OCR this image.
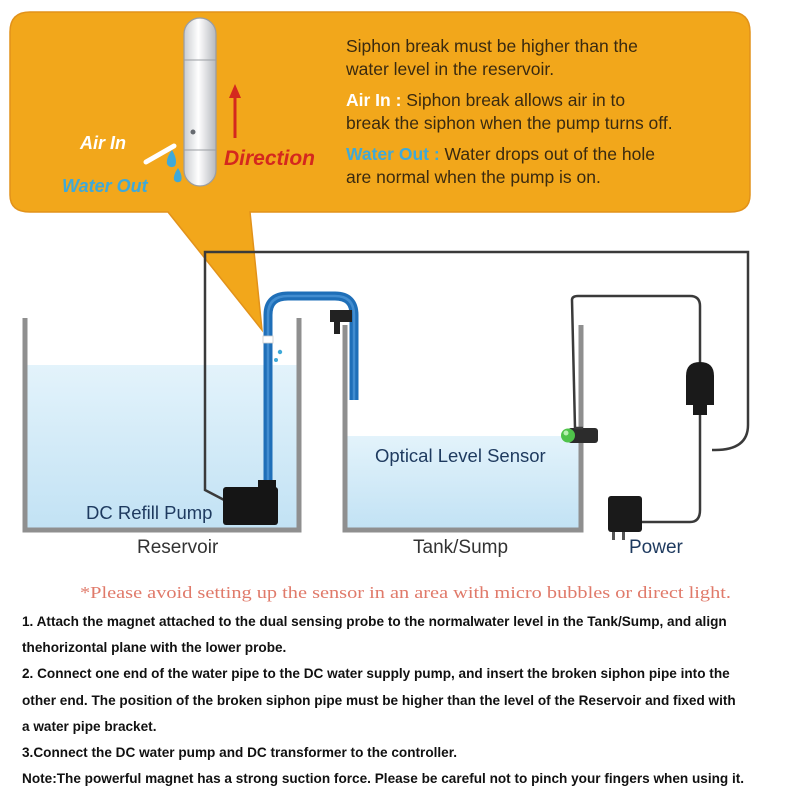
Air In
Water Out
Direction
Siphon break must be higher than the
water level in the reservoir.
Air In : Siphon break allows air in to
break the siphon when the pump turns off.
Water Out : Water drops out of the hole
are normal when the pump is on.
DC Refill Pump
Reservoir
Optical Level Sensor
Tank/Sump	Power
*Please avoid setting up the sensor in an area with micro bubbles or direct light.

1. Attach the magnet attached to the dual sensing probe to the normalwater level in the Tank/Sump, and align

thehorizontal plane with the lower probe.

2. Connect one end of the water pipe to the DC water supply pump, and insert the broken siphon pipe into the

other end. The position of the broken siphon pipe must be higher than the level of the Reservoir and fixed with

a water pipe bracket.

3.Connect the DC water pump and DC transformer to the controller.

Note:The powerful magnet has a strong suction force. Please be careful not to pinch your fingers when using it.
